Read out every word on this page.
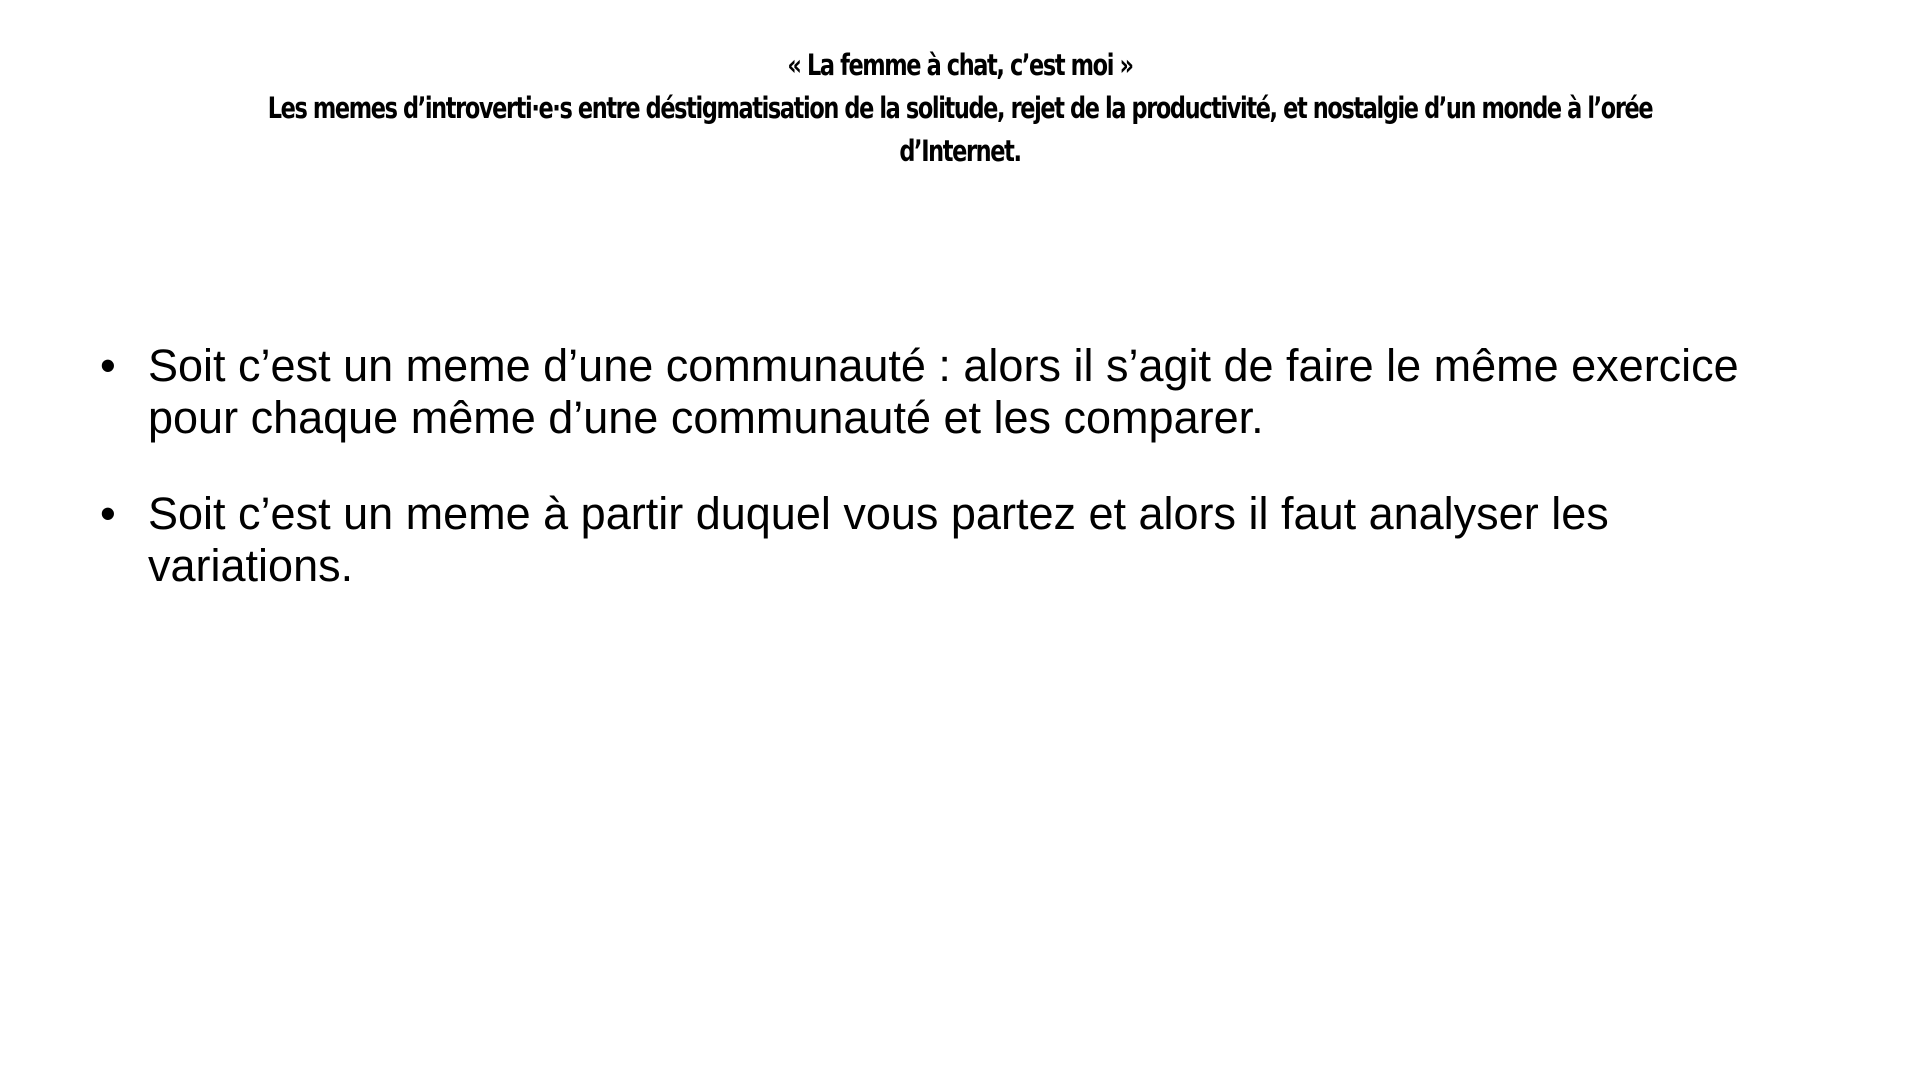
« La femme à chat, c’est moi »
Les memes d’introverti·e·s entre déstigmatisation de la solitude, rejet de la productivité, et nostalgie d’un monde à l’orée d’Internet.
• Soit c’est un meme d’une communauté : alors il s’agit de faire le même exercice pour chaque même d’une communauté et les comparer.
• Soit c’est un meme à partir duquel vous partez et alors il faut analyser les variations.
